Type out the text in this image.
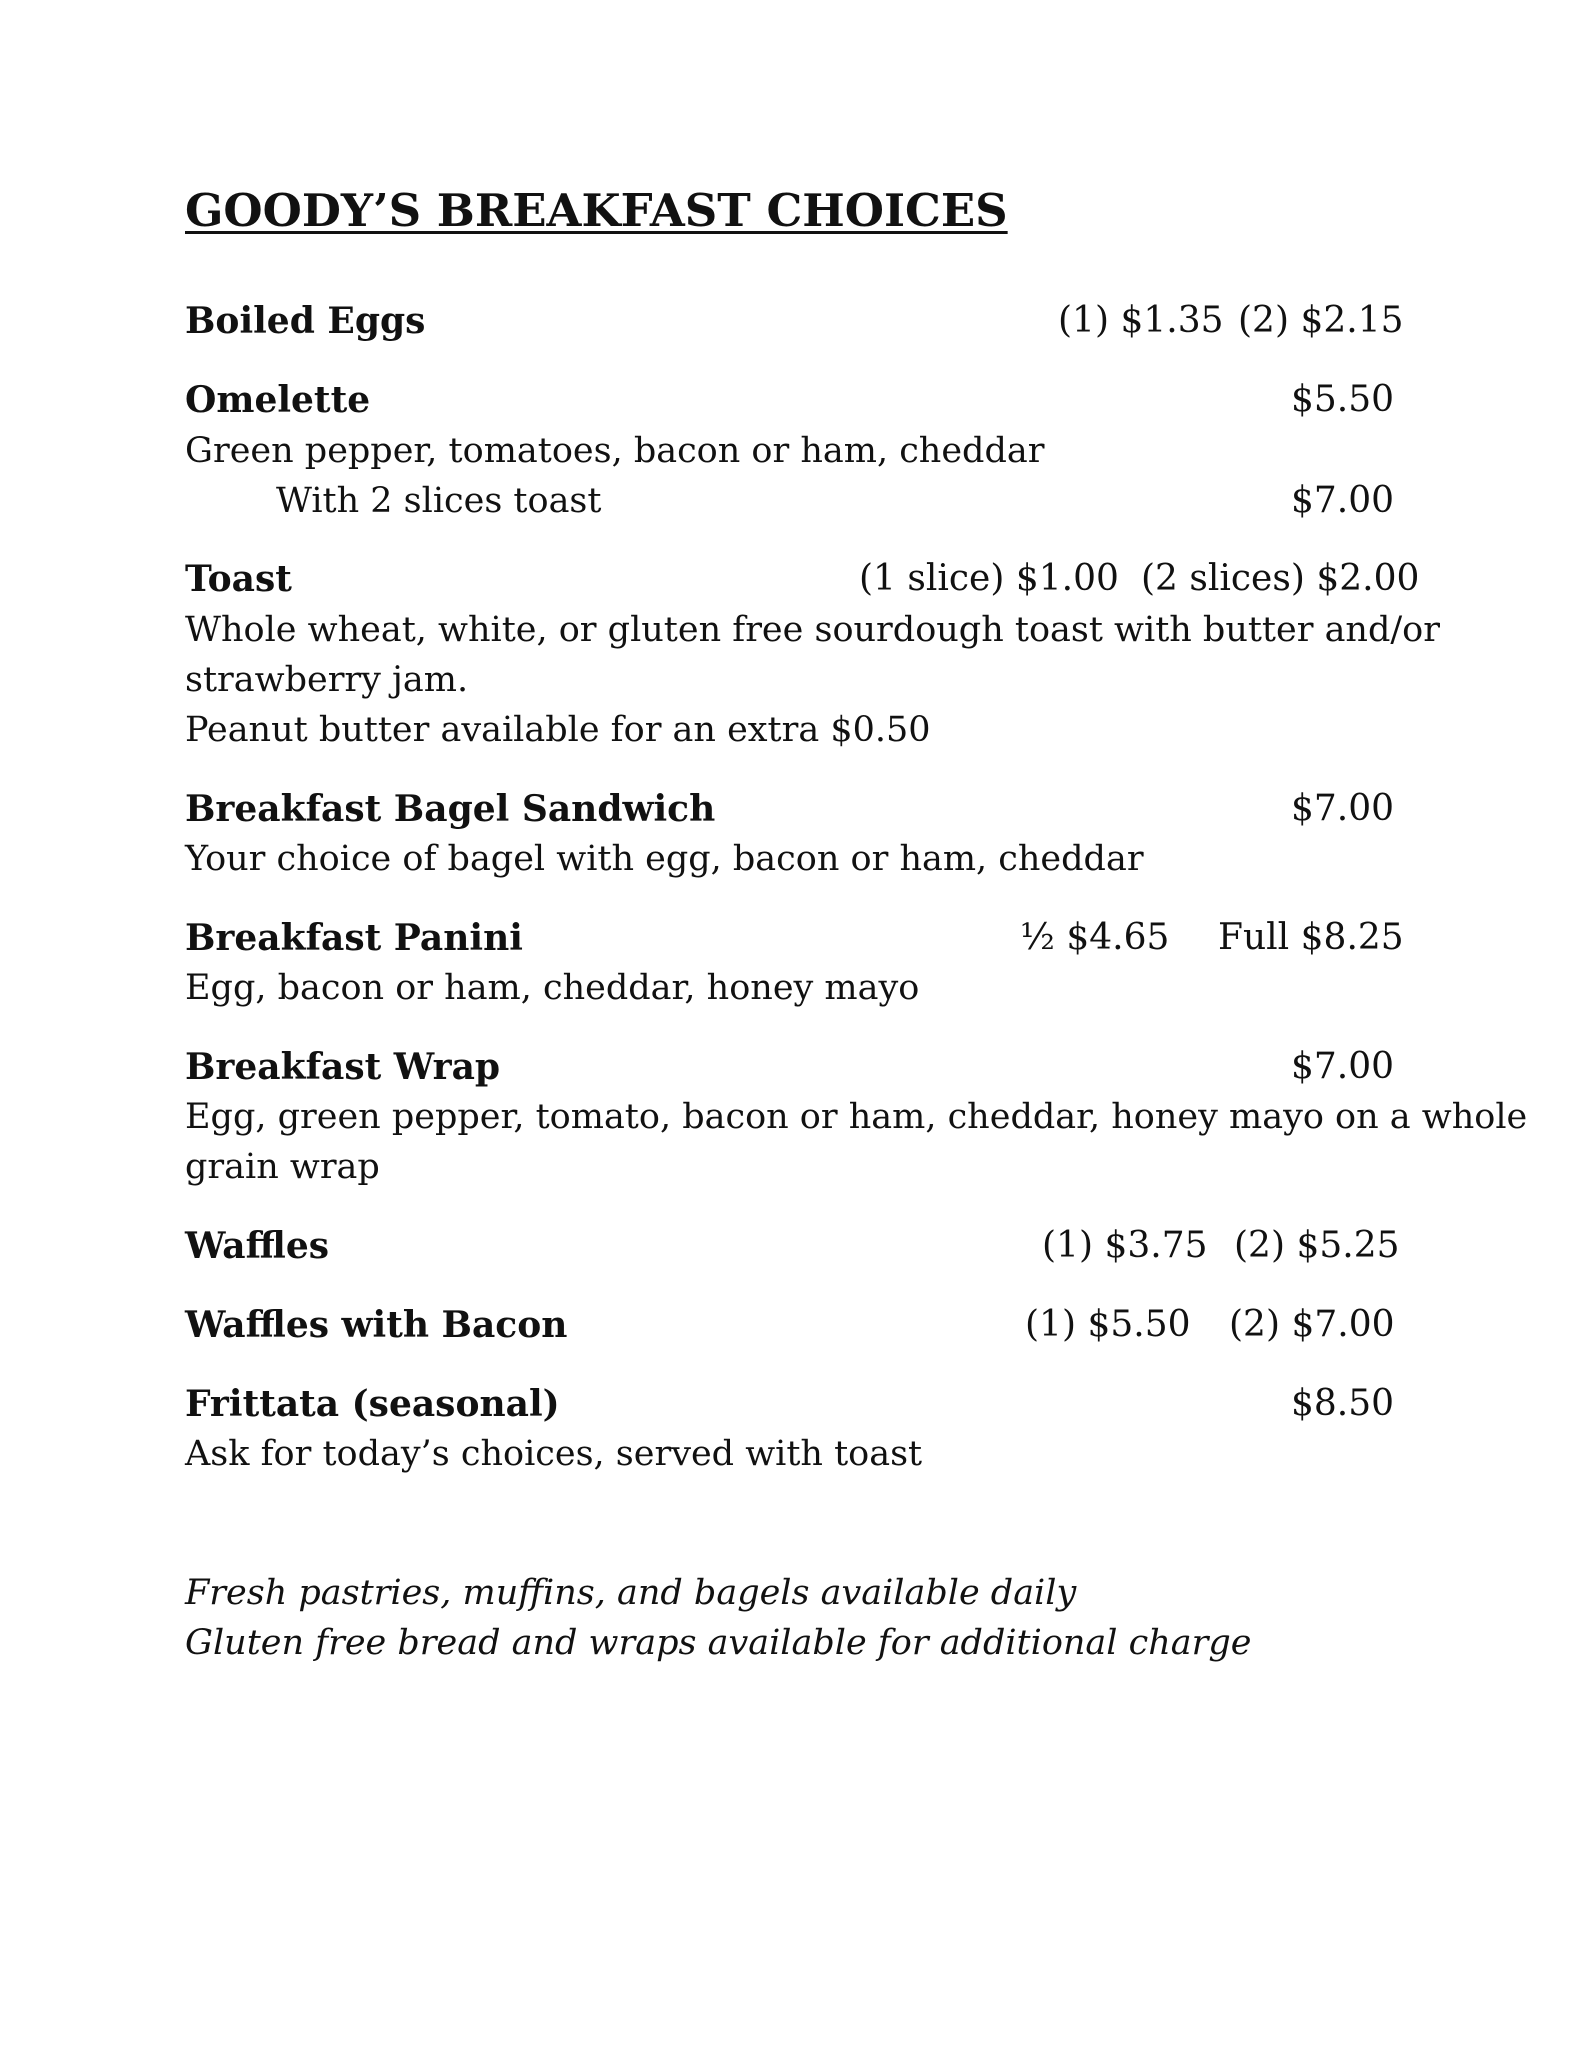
GOODY’S BREAKFAST CHOICES
Boiled Eggs	(1) $1.35 (2) $2.15
Omelette	$5.50
Green pepper, tomatoes, bacon or ham, cheddar
With 2 slices toast	$7.00
Toast	(1 slice) $1.00 (2 slices) $2.00
Whole wheat, white, or gluten free sourdough toast with butter and/or
strawberry jam.
Peanut butter available for an extra $0.50
Breakfast Bagel Sandwich	$7.00
Your choice of bagel with egg, bacon or ham, cheddar
Breakfast Panini	½ $4.65 Full $8.25
Egg, bacon or ham, cheddar, honey mayo
Breakfast Wrap	$7.00
Egg, green pepper, tomato, bacon or ham, cheddar, honey mayo on a whole
grain wrap
Waffles	(1) $3.75 (2) $5.25
Waffles with Bacon	(1) $5.50 (2) $7.00
Frittata (seasonal)	$8.50
Ask for today’s choices, served with toast
Fresh pastries, muffins, and bagels available daily
Gluten free bread and wraps available for additional charge
